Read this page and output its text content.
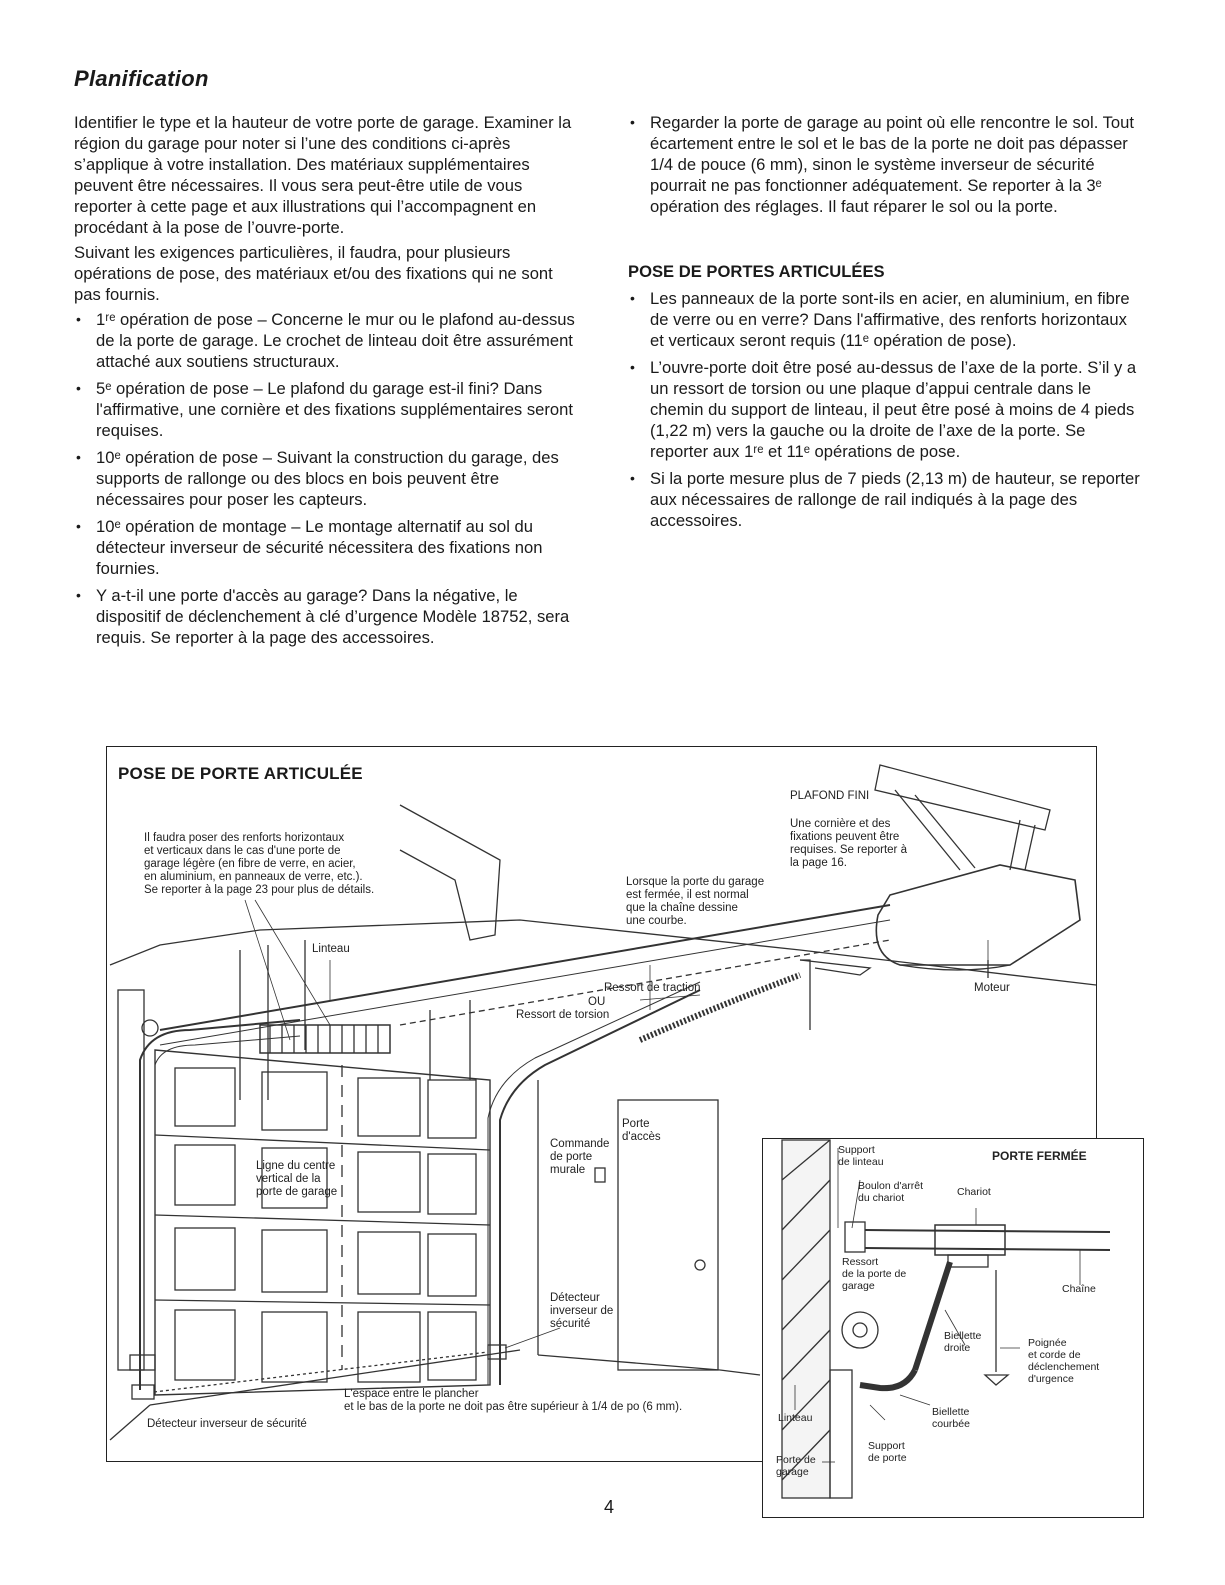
Planification

Identifier le type et la hauteur de votre porte de garage. Examiner la région du garage pour noter si l’une des conditions ci-après s’applique à votre installation. Des matériaux supplémentaires peuvent être nécessaires. Il vous sera peut-être utile de vous reporter à cette page et aux illustrations qui l’accompagnent en procédant à la pose de l’ouvre-porte.

Suivant les exigences particulières, il faudra, pour plusieurs opérations de pose, des matériaux et/ou des fixations qui ne sont pas fournis.

• 1ʳᵉ opération de pose – Concerne le mur ou le plafond au-dessus de la porte de garage. Le crochet de linteau doit être assurément attaché aux soutiens structuraux.
• 5ᵉ opération de pose – Le plafond du garage est-il fini? Dans l'affirmative, une cornière et des fixations supplémentaires seront requises.
• 10ᵉ opération de pose – Suivant la construction du garage, des supports de rallonge ou des blocs en bois peuvent être nécessaires pour poser les capteurs.
• 10ᵉ opération de montage – Le montage alternatif au sol du détecteur inverseur de sécurité nécessitera des fixations non fournies.
• Y a-t-il une porte d'accès au garage? Dans la négative, le dispositif de déclenchement à clé d’urgence Modèle 18752, sera requis. Se reporter à la page des accessoires.
• Regarder la porte de garage au point où elle rencontre le sol. Tout écartement entre le sol et le bas de la porte ne doit pas dépasser 1/4 de pouce (6 mm), sinon le système inverseur de sécurité pourrait ne pas fonctionner adéquatement. Se reporter à la 3ᵉ opération des réglages. Il faut réparer le sol ou la porte.
POSE DE PORTES ARTICULÉES
• Les panneaux de la porte sont-ils en acier, en aluminium, en fibre de verre ou en verre? Dans l'affirmative, des renforts horizontaux et verticaux seront requis (11ᵉ opération de pose).
• L’ouvre-porte doit être posé au-dessus de l’axe de la porte. S’il y a un ressort de torsion ou une plaque d’appui centrale dans le chemin du support de linteau, il peut être posé à moins de 4 pieds (1,22 m) vers la gauche ou la droite de l’axe de la porte. Se reporter aux 1ʳᵉ et 11ᵉ opérations de pose.
• Si la porte mesure plus de 7 pieds (2,13 m) de hauteur, se reporter aux nécessaires de rallonge de rail indiqués à la page des accessoires.
POSE DE PORTE ARTICULÉE
Il faudra poser des renforts horizontaux
et verticaux dans le cas d'une porte de
garage légère (en fibre de verre, en acier,
en aluminium, en panneaux de verre, etc.).
Se reporter à la page 23 pour plus de détails.
Linteau
PLAFOND FINI
Une cornière et des
fixations peuvent être
requises. Se reporter à
la page 16.
Lorsque la porte du garage
est fermée, il est normal
que la chaîne dessine
une courbe.
Ressort de traction
OU
Ressort de torsion
Moteur
Ligne du centre
vertical de la
porte de garage
Commande
de porte
murale
Porte
d'accès
Détecteur
inverseur de
sécurité
L'espace entre le plancher
et le bas de la porte ne doit pas être supérieur à 1/4 de po (6 mm).
Détecteur inverseur de sécurité
PORTE FERMÉE
Support
de linteau
Boulon d'arrêt
du chariot	Chariot
Ressort
de la porte de
garage	Chaîne
Biellette
droite	Poignée
et corde de
déclenchement
d'urgence
Linteau	Biellette
courbée
Support
de porte
Porte de
garage
4
